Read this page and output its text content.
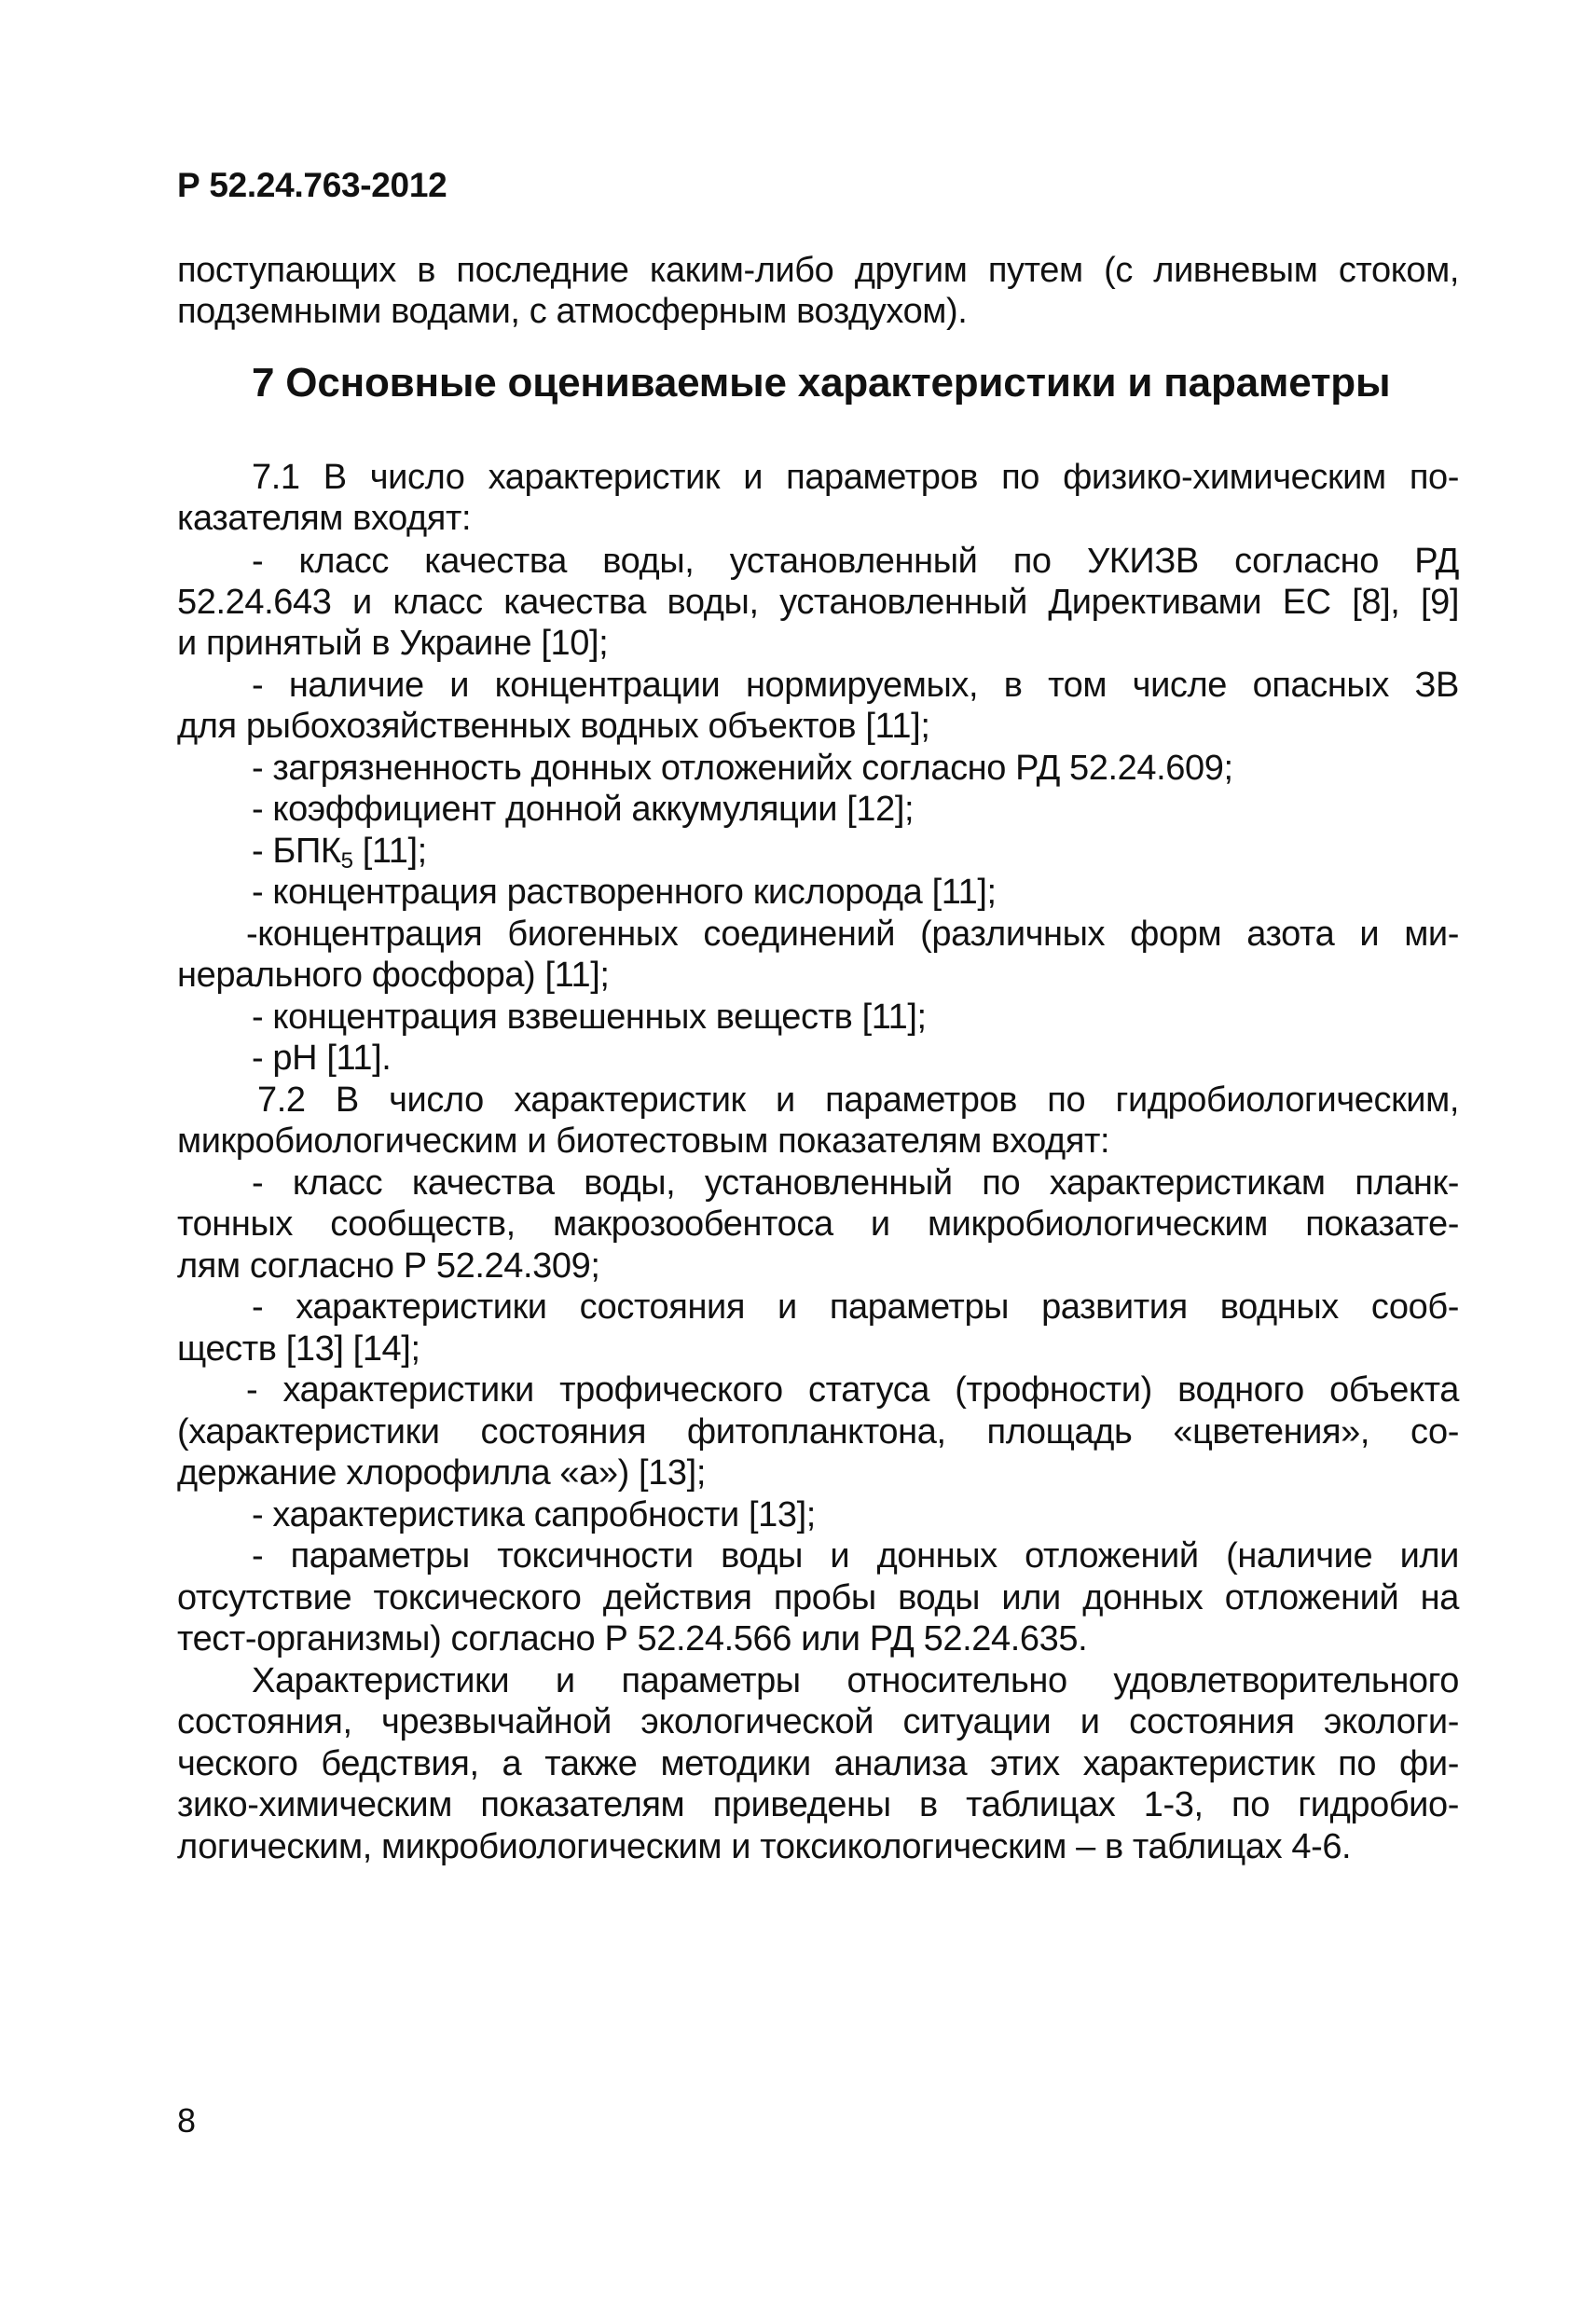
Р 52.24.763-2012
поступающих в последние каким-либо другим путем (с ливневым стоком,
подземными водами, с атмосферным воздухом).
7 Основные оцениваемые характеристики и параметры
7.1 В число характеристик и параметров по физико-химическим по-
казателям входят:
- класс качества воды, установленный по УКИЗВ согласно РД
52.24.643 и класс качества воды, установленный Директивами ЕС [8], [9]
и принятый в Украине [10];
- наличие и концентрации нормируемых, в том числе опасных ЗВ
для рыбохозяйственных водных объектов [11];
- загрязненность донных отложенийх согласно РД 52.24.609;
- коэффициент донной аккумуляции [12];
- $БПК_5$ [11];
- концентрация растворенного кислорода [11];
-концентрация биогенных соединений (различных форм азота и ми-
нерального фосфора) [11];
- концентрация взвешенных веществ [11];
- pH [11].
7.2 В число характеристик и параметров по гидробиологическим,
микробиологическим и биотестовым показателям входят:
- класс качества воды, установленный по характеристикам планк-
тонных сообществ, макрозообентоса и микробиологическим показате-
лям согласно Р 52.24.309;
- характеристики состояния и параметры развития водных сооб-
ществ [13] [14];
- характеристики трофического статуса (трофности) водного объекта
(характеристики состояния фитопланктона, площадь «цветения», со-
держание хлорофилла «а») [13];
- характеристика сапробности [13];
- параметры токсичности воды и донных отложений (наличие или
отсутствие токсического действия пробы воды или донных отложений на
тест-организмы) согласно Р 52.24.566 или РД 52.24.635.
Характеристики и параметры относительно удовлетворительного
состояния, чрезвычайной экологической ситуации и состояния экологи-
ческого бедствия, а также методики анализа этих характеристик по фи-
зико-химическим показателям приведены в таблицах 1-3, по гидробио-
логическим, микробиологическим и токсикологическим – в таблицах 4-6.
8
